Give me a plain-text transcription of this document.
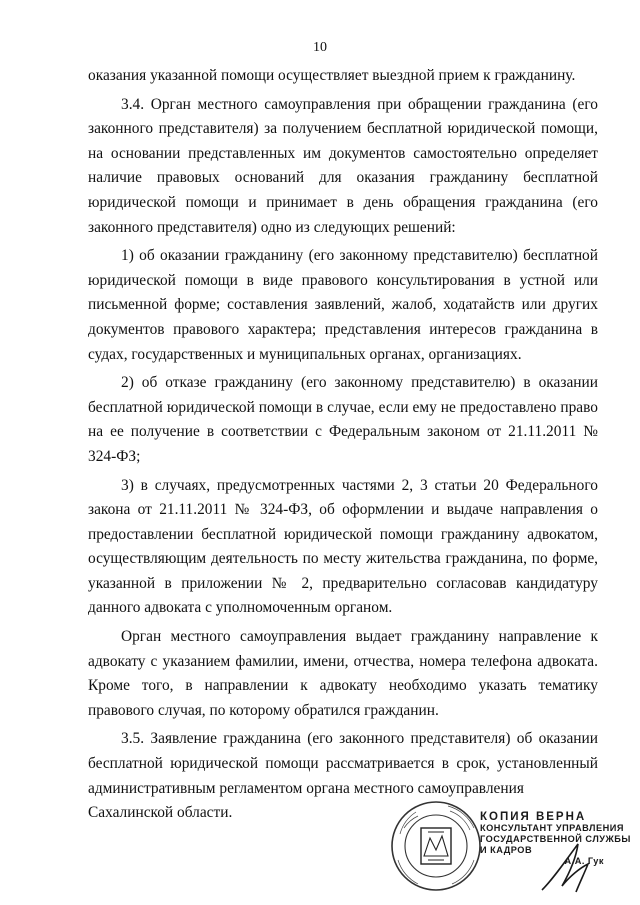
10

оказания указанной помощи осуществляет выездной прием к гражданину.

3.4. Орган местного самоуправления при обращении гражданина (его законного представителя) за получением бесплатной юридической помощи, на основании представленных им документов самостоятельно определяет наличие правовых оснований для оказания гражданину бесплатной юридической помощи и принимает в день обращения гражданина (его законного представителя) одно из следующих решений:

1) об оказании гражданину (его законному представителю) бесплатной юридической помощи в виде правового консультирования в устной или письменной форме; составления заявлений, жалоб, ходатайств или других документов правового характера; представления интересов гражданина в судах, государственных и муниципальных органах, организациях.

2) об отказе гражданину (его законному представителю) в оказании бесплатной юридической помощи в случае, если ему не предоставлено право на ее получение в соответствии с Федеральным законом от 21.11.2011 № 324-ФЗ;

3) в случаях, предусмотренных частями 2, 3 статьи 20 Федерального закона от 21.11.2011 № 324-ФЗ, об оформлении и выдаче направления о предоставлении бесплатной юридической помощи гражданину адвокатом, осуществляющим деятельность по месту жительства гражданина, по форме, указанной в приложении № 2, предварительно согласовав кандидатуру данного адвоката с уполномоченным органом.

Орган местного самоуправления выдает гражданину направление к адвокату с указанием фамилии, имени, отчества, номера телефона адвоката. Кроме того, в направлении к адвокату необходимо указать тематику правового случая, по которому обратился гражданин.

3.5. Заявление гражданина (его законного представителя) об оказании бесплатной юридической помощи рассматривается в срок, установленный административным регламентом органа местного самоуправления

Сахалинской области.	КОПИЯ ВЕРНА
КОНСУЛЬТАНТ УПРАВЛЕНИЯ
ГОСУДАРСТВЕННОЙ СЛУЖБЫ
И КАДРОВ
А.А. Гук
